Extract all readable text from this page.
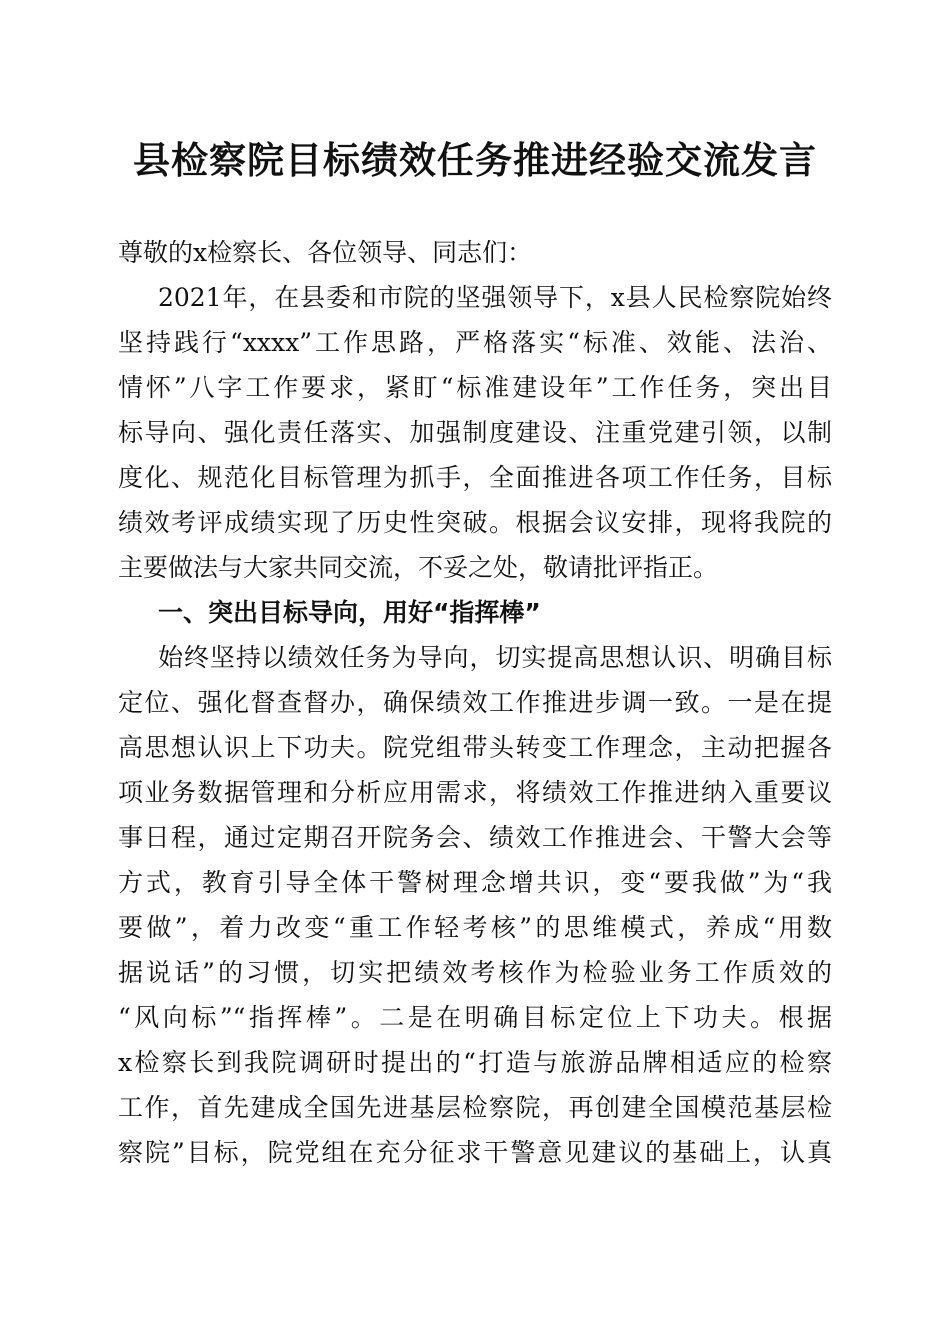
县检察院目标绩效任务推进经验交流发言
尊敬的x检察长、各位领导、同志们：
2021年，在县委和市院的坚强领导下，x县人民检察院始终
坚持践行“xxxx”工作思路，严格落实“标准、效能、法治、
情怀”八字工作要求，紧盯“标准建设年”工作任务，突出目
标导向、强化责任落实、加强制度建设、注重党建引领，以制
度化、规范化目标管理为抓手，全面推进各项工作任务，目标
绩效考评成绩实现了历史性突破。根据会议安排，现将我院的
主要做法与大家共同交流，不妥之处，敬请批评指正。
一、突出目标导向，用好“指挥棒”
始终坚持以绩效任务为导向，切实提高思想认识、明确目标
定位、强化督查督办，确保绩效工作推进步调一致。一是在提
高思想认识上下功夫。院党组带头转变工作理念，主动把握各
项业务数据管理和分析应用需求，将绩效工作推进纳入重要议
事日程，通过定期召开院务会、绩效工作推进会、干警大会等
方式，教育引导全体干警树理念增共识，变“要我做”为“我
要做”，着力改变“重工作轻考核”的思维模式，养成“用数
据说话”的习惯，切实把绩效考核作为检验业务工作质效的
“风向标”“指挥棒”。二是在明确目标定位上下功夫。根据
x检察长到我院调研时提出的“打造与旅游品牌相适应的检察
工作，首先建成全国先进基层检察院，再创建全国模范基层检
察院”目标，院党组在充分征求干警意见建议的基础上，认真
